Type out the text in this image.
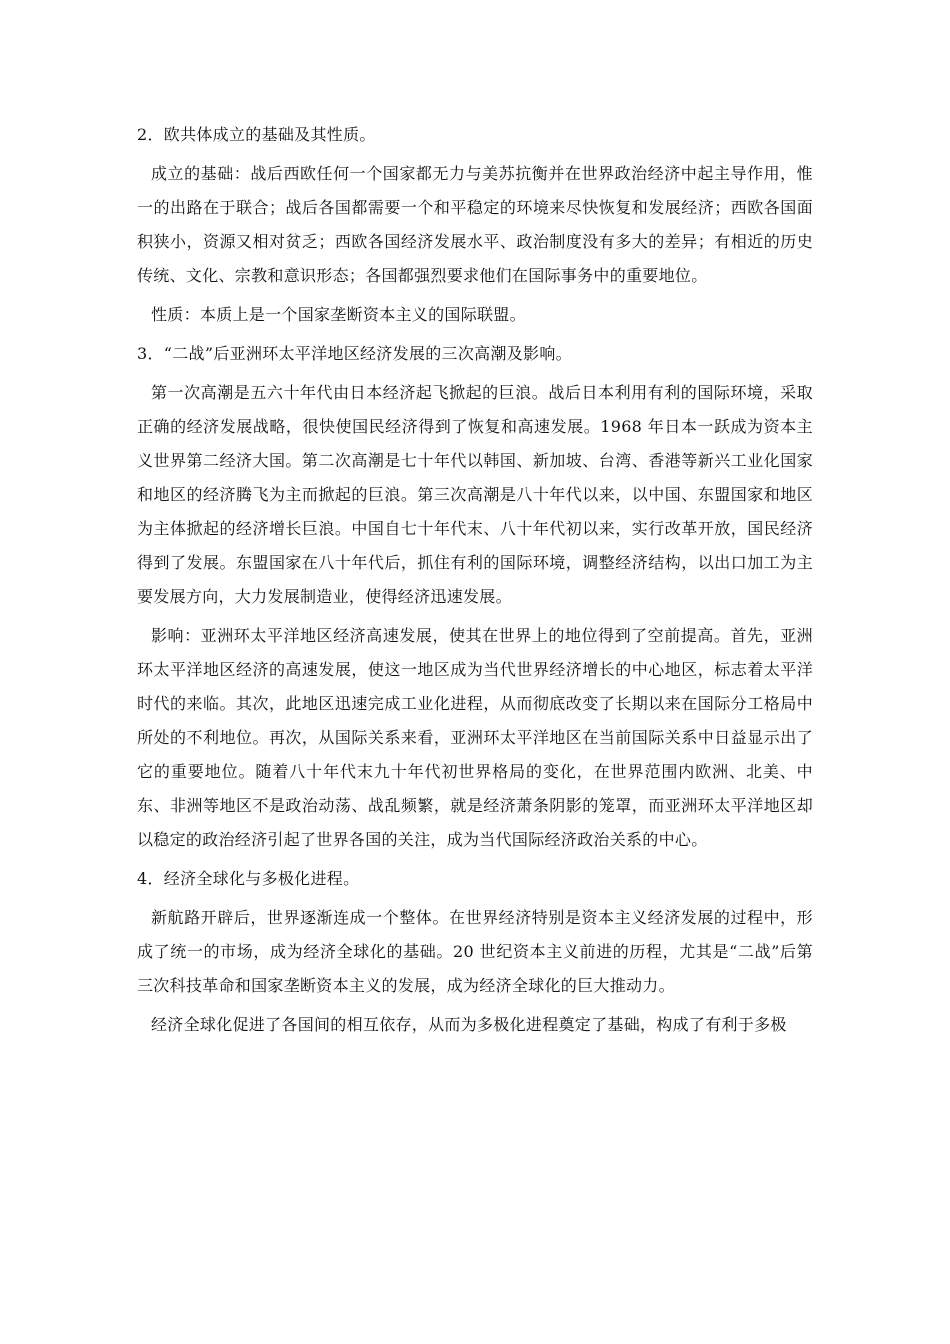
2．欧共体成立的基础及其性质。
成立的基础：战后西欧任何一个国家都无力与美苏抗衡并在世界政治经济中起主导作用，惟一的出路在于联合；战后各国都需要一个和平稳定的环境来尽快恢复和发展经济；西欧各国面积狭小，资源又相对贫乏；西欧各国经济发展水平、政治制度没有多大的差异；有相近的历史传统、文化、宗教和意识形态；各国都强烈要求他们在国际事务中的重要地位。
性质：本质上是一个国家垄断资本主义的国际联盟。
3．“二战”后亚洲环太平洋地区经济发展的三次高潮及影响。
第一次高潮是五六十年代由日本经济起飞掀起的巨浪。战后日本利用有利的国际环境，采取正确的经济发展战略，很快使国民经济得到了恢复和高速发展。1968 年日本一跃成为资本主义世界第二经济大国。第二次高潮是七十年代以韩国、新加坡、台湾、香港等新兴工业化国家和地区的经济腾飞为主而掀起的巨浪。第三次高潮是八十年代以来，以中国、东盟国家和地区为主体掀起的经济增长巨浪。中国自七十年代末、八十年代初以来，实行改革开放，国民经济得到了发展。东盟国家在八十年代后，抓住有利的国际环境，调整经济结构，以出口加工为主要发展方向，大力发展制造业，使得经济迅速发展。
影响：亚洲环太平洋地区经济高速发展，使其在世界上的地位得到了空前提高。首先，亚洲环太平洋地区经济的高速发展，使这一地区成为当代世界经济增长的中心地区，标志着太平洋时代的来临。其次，此地区迅速完成工业化进程，从而彻底改变了长期以来在国际分工格局中所处的不利地位。再次，从国际关系来看，亚洲环太平洋地区在当前国际关系中日益显示出了它的重要地位。随着八十年代末九十年代初世界格局的变化，在世界范围内欧洲、北美、中东、非洲等地区不是政治动荡、战乱频繁，就是经济萧条阴影的笼罩，而亚洲环太平洋地区却以稳定的政治经济引起了世界各国的关注，成为当代国际经济政治关系的中心。
4．经济全球化与多极化进程。
新航路开辟后，世界逐渐连成一个整体。在世界经济特别是资本主义经济发展的过程中，形成了统一的市场，成为经济全球化的基础。20 世纪资本主义前进的历程，尤其是“二战”后第三次科技革命和国家垄断资本主义的发展，成为经济全球化的巨大推动力。
经济全球化促进了各国间的相互依存，从而为多极化进程奠定了基础，构成了有利于多极
